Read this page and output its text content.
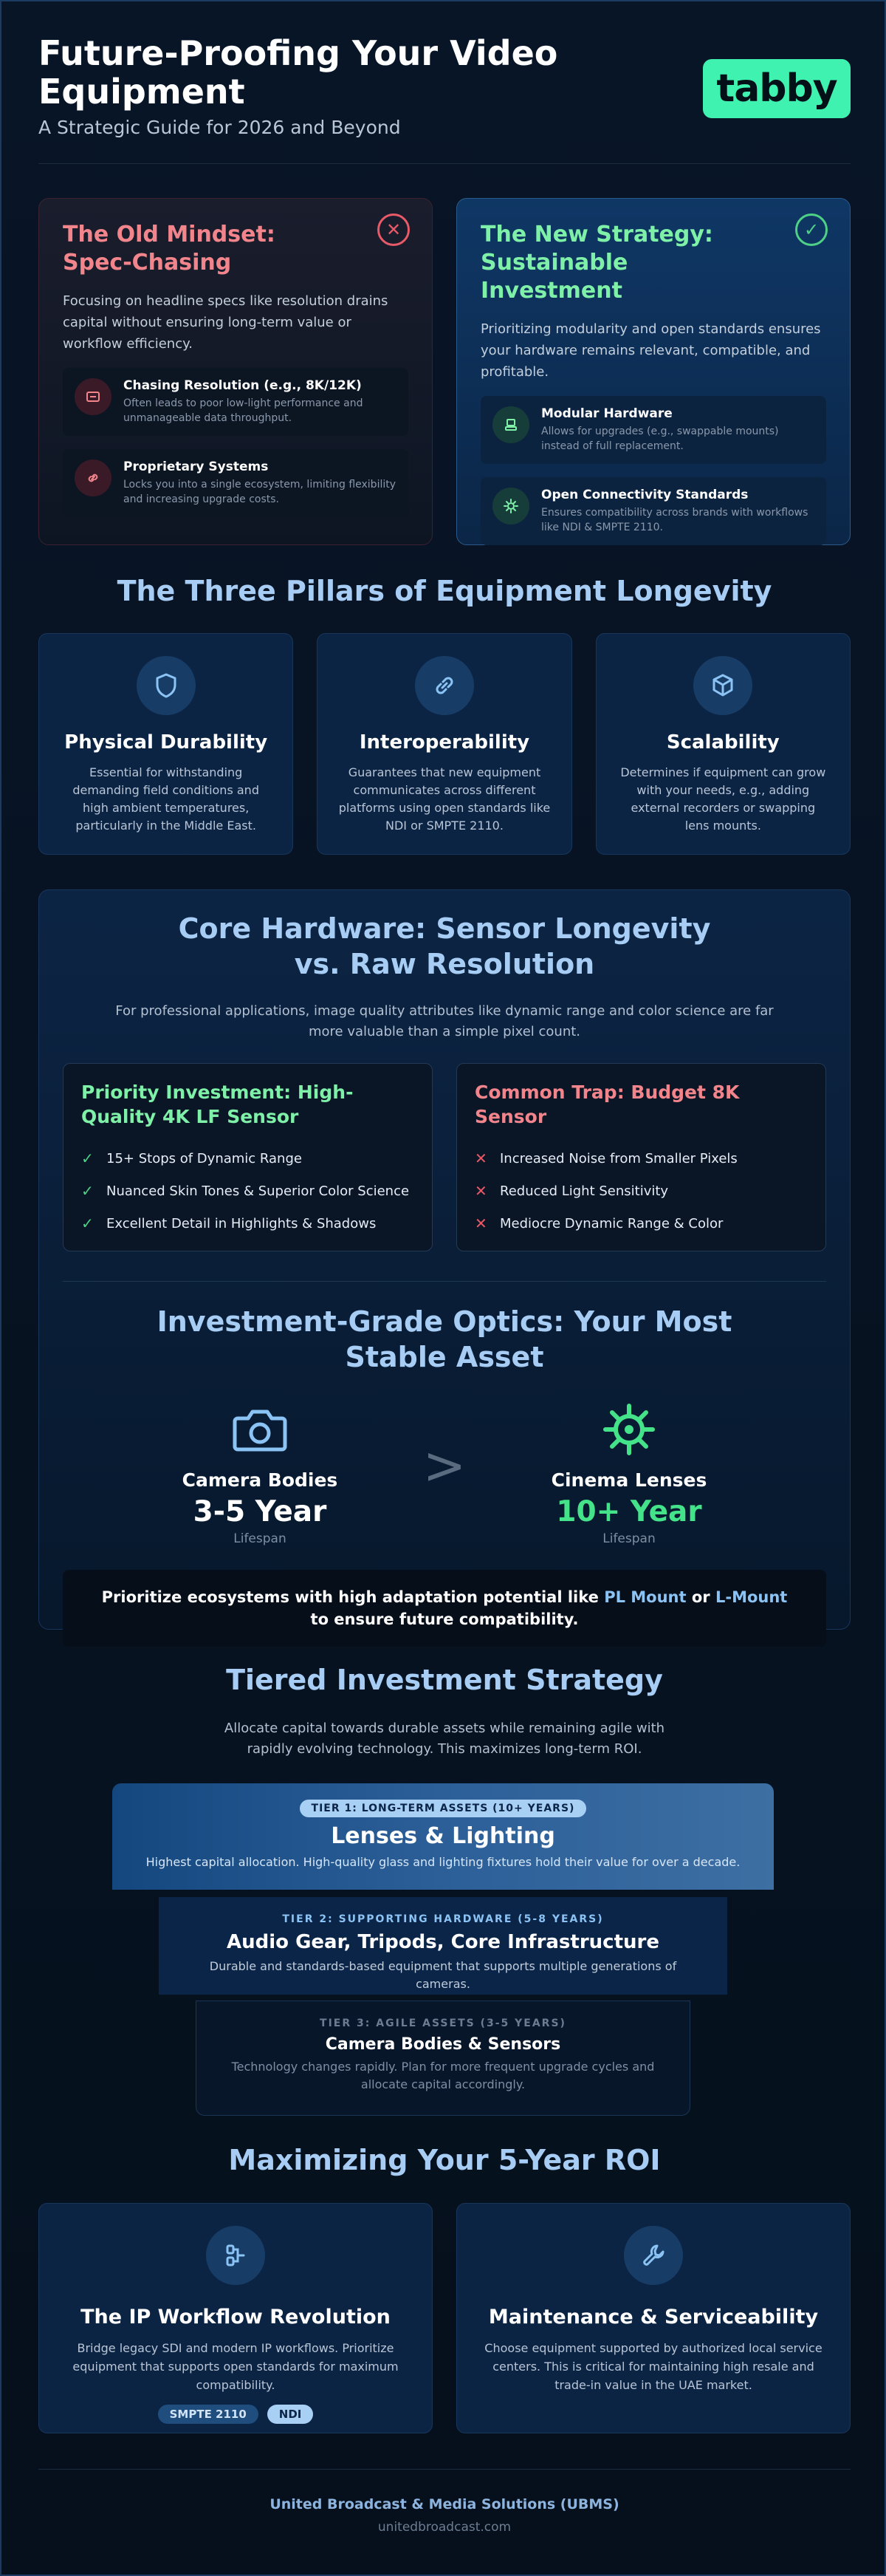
Future-Proofing Your Video Equipment
A Strategic Guide for 2026 and Beyond
tabby
The Old Mindset: Spec-Chasing
✕
Focusing on headline specs like resolution drains capital without ensuring long-term value or workflow efficiency.
Chasing Resolution (e.g., 8K/12K)
Often leads to poor low-light performance and unmanageable data throughput.
Proprietary Systems
Locks you into a single ecosystem, limiting flexibility and increasing upgrade costs.
The New Strategy: Sustainable Investment
✓
Prioritizing modularity and open standards ensures your hardware remains relevant, compatible, and profitable.
Modular Hardware
Allows for upgrades (e.g., swappable mounts) instead of full replacement.
Open Connectivity Standards
Ensures compatibility across brands with workflows like NDI & SMPTE 2110.
The Three Pillars of Equipment Longevity
Physical Durability
Essential for withstanding demanding field conditions and high ambient temperatures, particularly in the Middle East.
Interoperability
Guarantees that new equipment communicates across different platforms using open standards like NDI or SMPTE 2110.
Scalability
Determines if equipment can grow with your needs, e.g., adding external recorders or swapping lens mounts.
Core Hardware: Sensor Longevity vs. Raw Resolution
For professional applications, image quality attributes like dynamic range and color science are far more valuable than a simple pixel count.
Priority Investment: High-Quality 4K LF Sensor
✓ 15+ Stops of Dynamic Range
✓ Nuanced Skin Tones & Superior Color Science
✓ Excellent Detail in Highlights & Shadows
Common Trap: Budget 8K Sensor
✕ Increased Noise from Smaller Pixels
✕ Reduced Light Sensitivity
✕ Mediocre Dynamic Range & Color
Investment-Grade Optics: Your Most Stable Asset
Camera Bodies
3-5 Year
Lifespan
>	Cinema Lenses
10+ Year
Lifespan
Prioritize ecosystems with high adaptation potential like PL Mount or L-Mount to ensure future compatibility.
Tiered Investment Strategy
Allocate capital towards durable assets while remaining agile with rapidly evolving technology. This maximizes long-term ROI.
TIER 1: LONG-TERM ASSETS (10+ YEARS)
Lenses & Lighting
Highest capital allocation. High-quality glass and lighting fixtures hold their value for over a decade.
TIER 2: SUPPORTING HARDWARE (5-8 YEARS)
Audio Gear, Tripods, Core Infrastructure
Durable and standards-based equipment that supports multiple generations of cameras.
TIER 3: AGILE ASSETS (3-5 YEARS)
Camera Bodies & Sensors
Technology changes rapidly. Plan for more frequent upgrade cycles and allocate capital accordingly.
Maximizing Your 5-Year ROI
The IP Workflow Revolution
Bridge legacy SDI and modern IP workflows. Prioritize equipment that supports open standards for maximum compatibility.
SMPTE 2110	NDI
Maintenance & Serviceability
Choose equipment supported by authorized local service centers. This is critical for maintaining high resale and trade-in value in the UAE market.
United Broadcast & Media Solutions (UBMS)
unitedbroadcast.com
